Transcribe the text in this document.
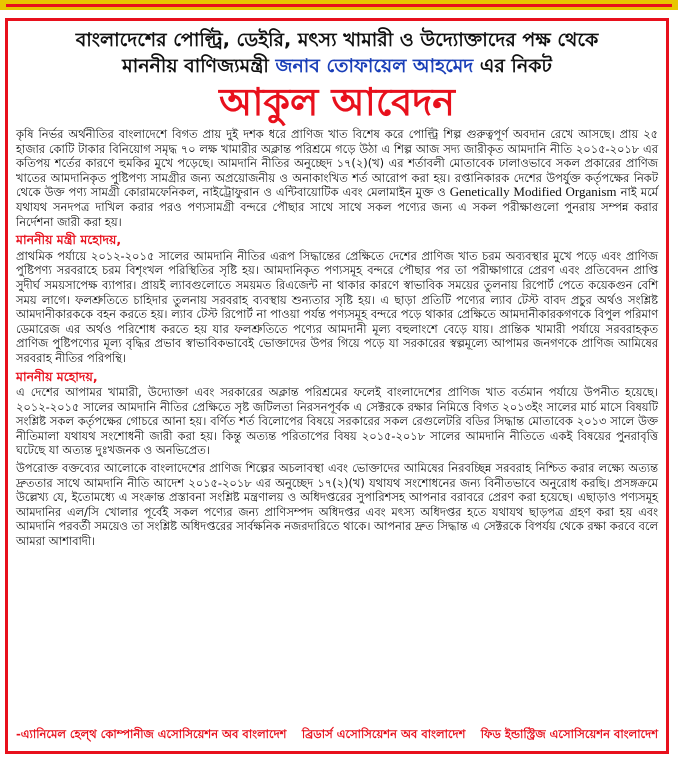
বাংলাদেশের পোল্ট্রি, ডেইরি, মৎস্য খামারী ও উদ্যোক্তাদের পক্ষ থেকে
মাননীয় বাণিজ্যমন্ত্রী জনাব তোফায়েল আহমেদ এর নিকট
আকুল আবেদন

কৃষি নির্ভর অর্থনীতির বাংলাদেশে বিগত প্রায় দুই দশক ধরে প্রাণিজ খাত বিশেষ করে পোল্ট্রি শিল্প গুরুত্বপূর্ণ অবদান রেখে আসছে। প্রায় ২৫ হাজার কোটি টাকার বিনিয়োগ সমৃদ্ধ ৭০ লক্ষ খামারীর অক্লান্ত পরিশ্রমে গড়ে উঠা এ শিল্প আজ সদ্য জারীকৃত আমদানি নীতি ২০১৫-২০১৮ এর কতিপয় শর্তের কারণে হুমকির মুখে পড়েছে। আমদানি নীতির অনুচ্ছেদ ১৭(২)(খ) এর শর্তাবলী মোতাবেক ঢালাওভাবে সকল প্রকারের প্রাণিজ খাতের আমদানিকৃত পুষ্টিপণ্য সামগ্রীর জন্য অপ্রয়োজনীয় ও অনাকাংখিত শর্ত আরোপ করা হয়। রপ্তানিকারক দেশের উপর্যুক্ত কর্তৃপক্ষের নিকট থেকে উক্ত পণ্য সামগ্রী কোরামফেনিকল, নাইট্রোফুরান ও এন্টিবায়োটিক এবং মেলামাইন মুক্ত ও Genetically Modified Organism নাই মর্মে যথাযথ সনদপত্র দাখিল করার পরও পণ্যসামগ্রী বন্দরে পৌছার সাথে সাথে সকল পণ্যের জন্য এ সকল পরীক্ষাগুলো পুনরায় সম্পন্ন করার নির্দেশনা জারী করা হয়।

মাননীয় মন্ত্রী মহোদয়,

প্রাথমিক পর্যায়ে ২০১২-২০১৫ সালের আমদানি নীতির এরূপ সিদ্ধান্তের প্রেক্ষিতে দেশের প্রাণিজ খাত চরম অব্যবস্থার মুখে পড়ে এবং প্রাণিজ পুষ্টিপণ্য সরবরাহে চরম বিশৃংখল পরিস্থিতির সৃষ্টি হয়। আমদানিকৃত পণ্যসমূহ বন্দরে পৌছার পর তা পরীক্ষাগারে প্রেরণ এবং প্রতিবেদন প্রাপ্তি সুদীর্ঘ সময়সাপেক্ষ ব্যাপার। প্রায়ই ল্যাবগুলোতে সময়মত রিএজেন্ট না থাকার কারণে স্বাভাবিক সময়ের তুলনায় রিপোর্ট পেতে কয়েকগুন বেশি সময় লাগে। ফলশ্রুতিতে চাহিদার তুলনায় সরবরাহ ব্যবস্থায় শুন্যতার সৃষ্টি হয়। এ ছাড়া প্রতিটি পণ্যের ল্যাব টেস্ট বাবদ প্রচুর অর্থও সংশ্লিষ্ট আমদানীকারককে বহন করতে হয়। ল্যাব টেস্ট রিপোর্ট না পাওয়া পর্যন্ত পণ্যসমূহ বন্দরে পড়ে থাকার প্রেক্ষিতে আমদানীকারকগণকে বিপুল পরিমাণ ডেমারেজ এর অর্থও পরিশোধ করতে হয় যার ফলশ্রুতিতে পণ্যের আমদানী মূল্য বহুলাংশে বেড়ে যায়। প্রান্তিক খামারী পর্যায়ে সরবরাহকৃত প্রাণিজ পুষ্টিপণ্যের মূল্য বৃদ্ধির প্রভাব স্বাভাবিকভাবেই ভোক্তাদের উপর গিয়ে পড়ে যা সরকারের স্বল্পমূল্যে আপামর জনগণকে প্রাণিজ আমিষের সরবরাহ নীতির পরিপন্থি।

মাননীয় মহোদয়,

এ দেশের আপামর খামারী, উদ্যোক্তা এবং সরকারের অক্লান্ত পরিশ্রমের ফলেই বাংলাদেশের প্রাণিজ খাত বর্তমান পর্যায়ে উপনীত হয়েছে। ২০১২-২০১৫ সালের আমদানি নীতির প্রেক্ষিতে সৃষ্ট জটিলতা নিরসনপূর্বক এ সেক্টরকে রক্ষার নিমিত্তে বিগত ২০১৩ইং সালের মার্চ মাসে বিষয়টি সংশ্লিষ্ট সকল কর্তৃপক্ষের গোচরে আনা হয়। বর্ণিত শর্ত বিলোপের বিষয়ে সরকারের সকল রেগুলেটরি বডির সিদ্ধান্ত মোতাবেক ২০১৩ সালে উক্ত নীতিমালা যথাযথ সংশোধনী জারী করা হয়। কিন্তু অত্যন্ত পরিতাপের বিষয় ২০১৫-২০১৮ সালের আমদানি নীতিতে একই বিষয়ের পুনরাবৃত্তি ঘটেছে যা অত্যন্ত দুঃখজনক ও অনভিপ্রেত।

উপরোক্ত বক্তব্যের আলোকে বাংলাদেশের প্রাণিজ শিল্পের অচলাবস্থা এবং ভোক্তাদের আমিষের নিরবচ্ছিন্ন সরবরাহ নিশ্চিত করার লক্ষ্যে অত্যন্ত দ্রুততার সাথে আমদানি নীতি আদেশ ২০১৫-২০১৮ এর অনুচ্ছেদ ১৭(২)(খ) যথাযথ সংশোধনের জন্য বিনীতভাবে অনুরোধ করছি। প্রসঙ্গক্রমে উল্লেখ্য যে, ইতোমধ্যে এ সংক্রান্ত প্রস্তাবনা সংশ্লিষ্ট মন্ত্রণালয় ও অধিদপ্তরের সুপারিশসহ আপনার বরাবরে প্রেরণ করা হয়েছে। এছাড়াও পণ্যসমূহ আমদানির এল/সি খোলার পূর্বেই সকল পণ্যের জন্য প্রাণিসম্পদ অধিদপ্তর এবং মৎস্য অধিদপ্তর হতে যথাযথ ছাড়পত্র গ্রহণ করা হয় এবং আমদানি পরবর্তী সময়েও তা সংশ্লিষ্ট অধিদপ্তরের সার্বক্ষনিক নজরদারিতে থাকে। আপনার দ্রুত সিদ্ধান্ত এ সেক্টরকে বিপর্যয় থেকে রক্ষা করবে বলে আমরা আশাবাদী।

-এ্যানিমেল হেল্থ কোম্পানীজ এসোসিয়েশন অব বাংলাদেশ ব্রিডার্স এসোসিয়েশন অব বাংলাদেশ ফিড ইন্ডাস্ট্রিজ এসোসিয়েশন বাংলাদেশ
